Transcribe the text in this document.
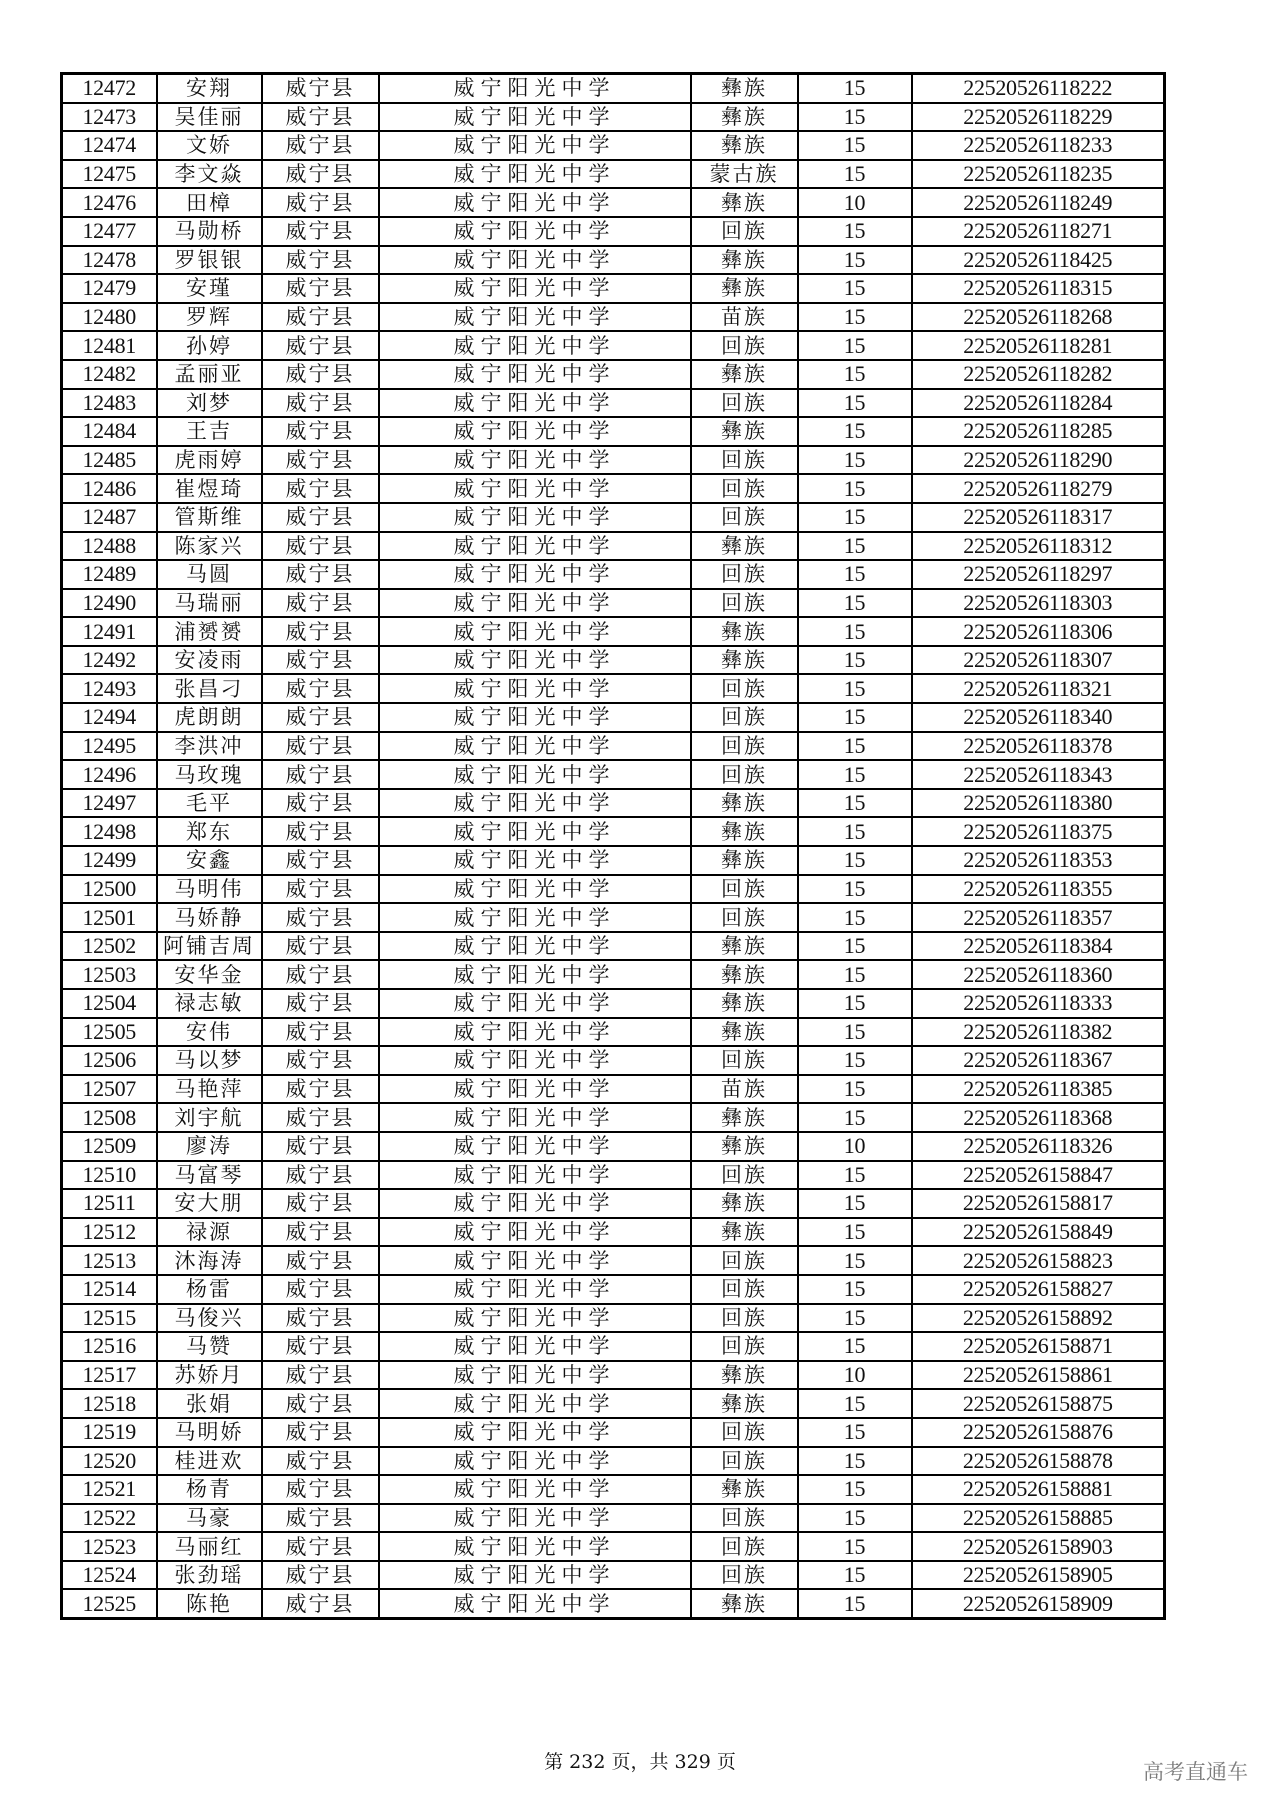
12472	安翔	威宁县	威宁阳光中学	彝族	15	22520526118222
12473	吴佳丽	威宁县	威宁阳光中学	彝族	15	22520526118229
12474	文娇	威宁县	威宁阳光中学	彝族	15	22520526118233
12475	李文焱	威宁县	威宁阳光中学	蒙古族	15	22520526118235
12476	田樟	威宁县	威宁阳光中学	彝族	10	22520526118249
12477	马勋桥	威宁县	威宁阳光中学	回族	15	22520526118271
12478	罗银银	威宁县	威宁阳光中学	彝族	15	22520526118425
12479	安瑾	威宁县	威宁阳光中学	彝族	15	22520526118315
12480	罗辉	威宁县	威宁阳光中学	苗族	15	22520526118268
12481	孙婷	威宁县	威宁阳光中学	回族	15	22520526118281
12482	孟丽亚	威宁县	威宁阳光中学	彝族	15	22520526118282
12483	刘梦	威宁县	威宁阳光中学	回族	15	22520526118284
12484	王吉	威宁县	威宁阳光中学	彝族	15	22520526118285
12485	虎雨婷	威宁县	威宁阳光中学	回族	15	22520526118290
12486	崔煜琦	威宁县	威宁阳光中学	回族	15	22520526118279
12487	管斯维	威宁县	威宁阳光中学	回族	15	22520526118317
12488	陈家兴	威宁县	威宁阳光中学	彝族	15	22520526118312
12489	马圆	威宁县	威宁阳光中学	回族	15	22520526118297
12490	马瑞丽	威宁县	威宁阳光中学	回族	15	22520526118303
12491	浦赟赟	威宁县	威宁阳光中学	彝族	15	22520526118306
12492	安凌雨	威宁县	威宁阳光中学	彝族	15	22520526118307
12493	张昌刁	威宁县	威宁阳光中学	回族	15	22520526118321
12494	虎朗朗	威宁县	威宁阳光中学	回族	15	22520526118340
12495	李洪冲	威宁县	威宁阳光中学	回族	15	22520526118378
12496	马玫瑰	威宁县	威宁阳光中学	回族	15	22520526118343
12497	毛平	威宁县	威宁阳光中学	彝族	15	22520526118380
12498	郑东	威宁县	威宁阳光中学	彝族	15	22520526118375
12499	安鑫	威宁县	威宁阳光中学	彝族	15	22520526118353
12500	马明伟	威宁县	威宁阳光中学	回族	15	22520526118355
12501	马娇静	威宁县	威宁阳光中学	回族	15	22520526118357
12502	阿铺吉周	威宁县	威宁阳光中学	彝族	15	22520526118384
12503	安华金	威宁县	威宁阳光中学	彝族	15	22520526118360
12504	禄志敏	威宁县	威宁阳光中学	彝族	15	22520526118333
12505	安伟	威宁县	威宁阳光中学	彝族	15	22520526118382
12506	马以梦	威宁县	威宁阳光中学	回族	15	22520526118367
12507	马艳萍	威宁县	威宁阳光中学	苗族	15	22520526118385
12508	刘宇航	威宁县	威宁阳光中学	彝族	15	22520526118368
12509	廖涛	威宁县	威宁阳光中学	彝族	10	22520526118326
12510	马富琴	威宁县	威宁阳光中学	回族	15	22520526158847
12511	安大朋	威宁县	威宁阳光中学	彝族	15	22520526158817
12512	禄源	威宁县	威宁阳光中学	彝族	15	22520526158849
12513	沐海涛	威宁县	威宁阳光中学	回族	15	22520526158823
12514	杨雷	威宁县	威宁阳光中学	回族	15	22520526158827
12515	马俊兴	威宁县	威宁阳光中学	回族	15	22520526158892
12516	马赞	威宁县	威宁阳光中学	回族	15	22520526158871
12517	苏娇月	威宁县	威宁阳光中学	彝族	10	22520526158861
12518	张娟	威宁县	威宁阳光中学	彝族	15	22520526158875
12519	马明娇	威宁县	威宁阳光中学	回族	15	22520526158876
12520	桂进欢	威宁县	威宁阳光中学	回族	15	22520526158878
12521	杨青	威宁县	威宁阳光中学	彝族	15	22520526158881
12522	马豪	威宁县	威宁阳光中学	回族	15	22520526158885
12523	马丽红	威宁县	威宁阳光中学	回族	15	22520526158903
12524	张劲瑶	威宁县	威宁阳光中学	回族	15	22520526158905
12525	陈艳	威宁县	威宁阳光中学	彝族	15	22520526158909
第 232 页，共 329 页	高考直通车
